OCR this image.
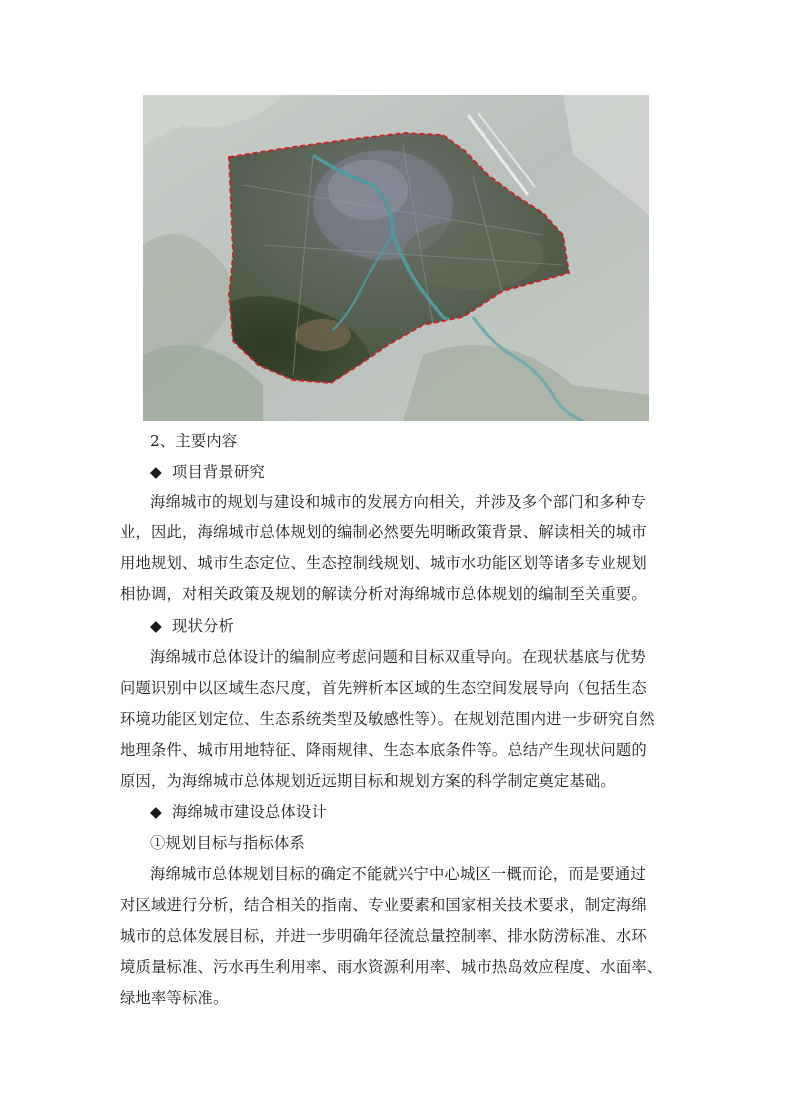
2、主要内容
◆ 项目背景研究
海绵城市的规划与建设和城市的发展方向相关，并涉及多个部门和多种专
业，因此，海绵城市总体规划的编制必然要先明晰政策背景、解读相关的城市
用地规划、城市生态定位、生态控制线规划、城市水功能区划等诸多专业规划
相协调，对相关政策及规划的解读分析对海绵城市总体规划的编制至关重要。
◆ 现状分析
海绵城市总体设计的编制应考虑问题和目标双重导向。在现状基底与优势
问题识别中以区域生态尺度，首先辨析本区域的生态空间发展导向（包括生态
环境功能区划定位、生态系统类型及敏感性等）。在规划范围内进一步研究自然
地理条件、城市用地特征、降雨规律、生态本底条件等。总结产生现状问题的
原因，为海绵城市总体规划近远期目标和规划方案的科学制定奠定基础。
◆ 海绵城市建设总体设计
①规划目标与指标体系
海绵城市总体规划目标的确定不能就兴宁中心城区一概而论，而是要通过
对区域进行分析，结合相关的指南、专业要素和国家相关技术要求，制定海绵
城市的总体发展目标，并进一步明确年径流总量控制率、排水防涝标准、水环
境质量标准、污水再生利用率、雨水资源利用率、城市热岛效应程度、水面率、
绿地率等标准。
